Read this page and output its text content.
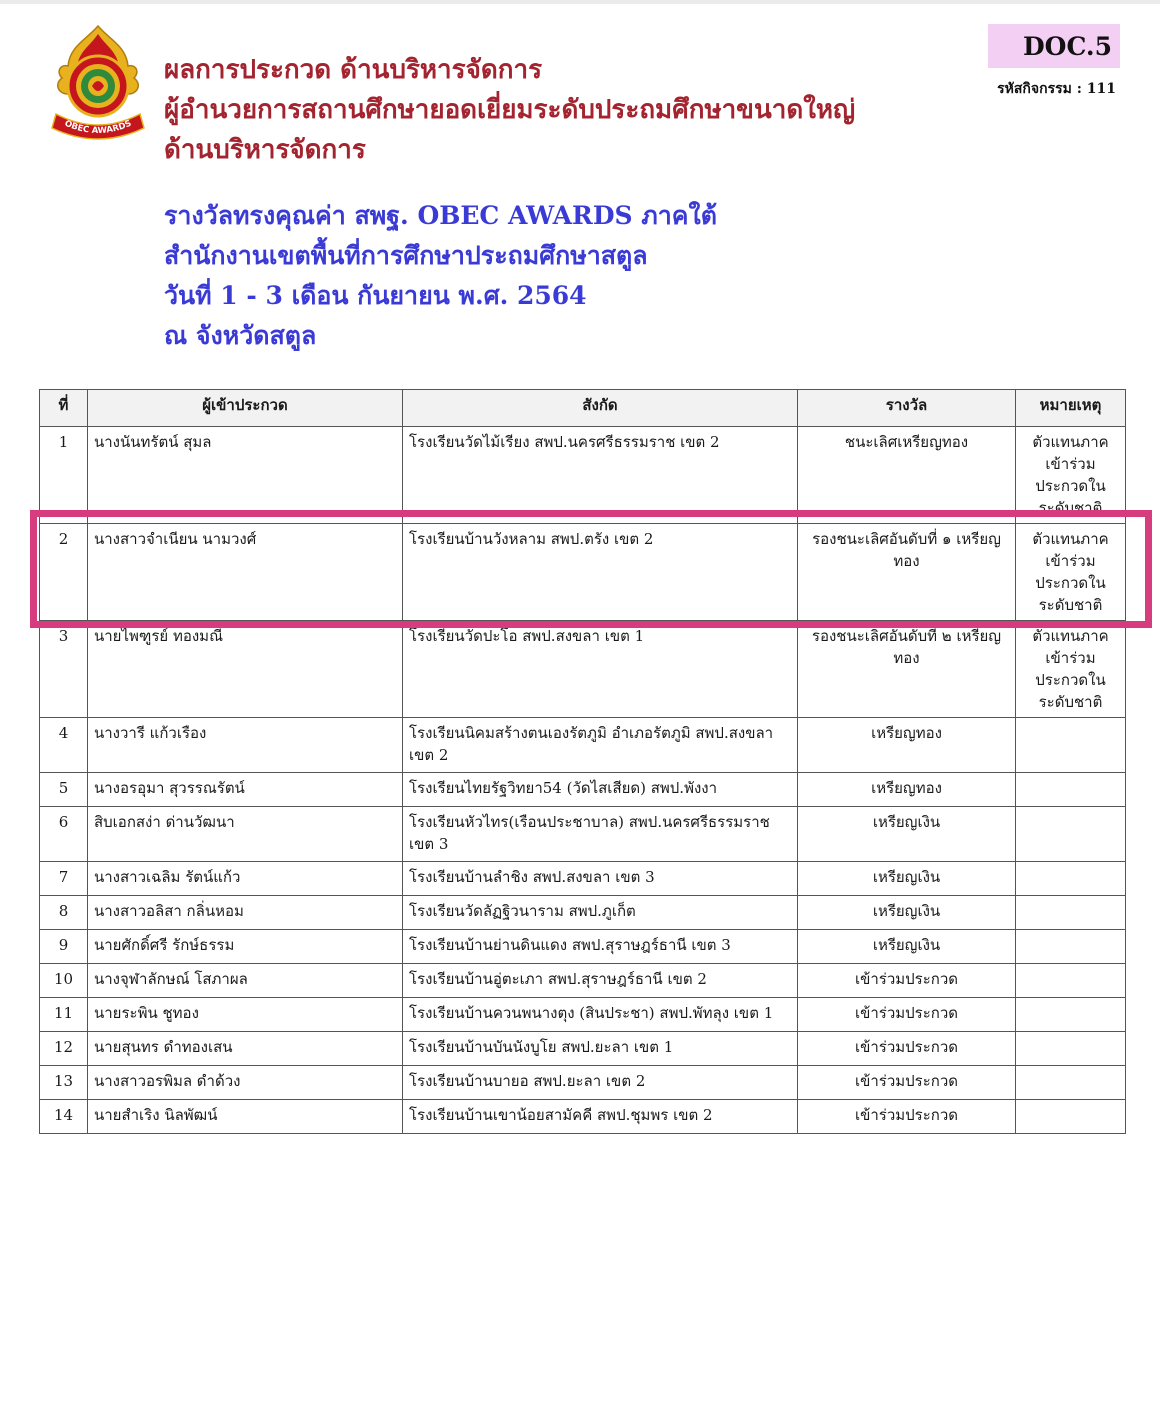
OBEC AWARDS
ผลการประกวด ด้านบริหารจัดการ
ผู้อำนวยการสถานศึกษายอดเยี่ยมระดับประถมศึกษาขนาดใหญ่
ด้านบริหารจัดการ
DOC.5
รหัสกิจกรรม : 111
รางวัลทรงคุณค่า สพฐ. OBEC AWARDS ภาคใต้
สำนักงานเขตพื้นที่การศึกษาประถมศึกษาสตูล
วันที่ 1 - 3 เดือน กันยายน พ.ศ. 2564
ณ จังหวัดสตูล
ที่	ผู้เข้าประกวด	สังกัด	รางวัล	หมายเหตุ
1	นางนันทรัตน์ สุมล	โรงเรียนวัดไม้เรียง สพป.นครศรีธรรมราช เขต 2	ชนะเลิศเหรียญทอง	ตัวแทนภาคเข้าร่วมประกวดในระดับชาติ
2	นางสาวจำเนียน นามวงศ์	โรงเรียนบ้านวังหลาม สพป.ตรัง เขต 2	รองชนะเลิศอันดับที่ ๑ เหรียญทอง	ตัวแทนภาคเข้าร่วมประกวดในระดับชาติ
3	นายไพฑูรย์ ทองมณี	โรงเรียนวัดปะโอ สพป.สงขลา เขต 1	รองชนะเลิศอันดับที่ ๒ เหรียญทอง	ตัวแทนภาคเข้าร่วมประกวดในระดับชาติ
4	นางวารี แก้วเรือง	โรงเรียนนิคมสร้างตนเองรัตภูมิ อำเภอรัตภูมิ สพป.สงขลา เขต 2	เหรียญทอง	
5	นางอรอุมา สุวรรณรัตน์	โรงเรียนไทยรัฐวิทยา54 (วัดไสเสียด) สพป.พังงา	เหรียญทอง	
6	สิบเอกสง่า ด่านวัฒนา	โรงเรียนหัวไทร(เรือนประชาบาล) สพป.นครศรีธรรมราช เขต 3	เหรียญเงิน	
7	นางสาวเฉลิม รัตน์แก้ว	โรงเรียนบ้านลำชิง สพป.สงขลา เขต 3	เหรียญเงิน	
8	นางสาวอลิสา กลิ่นหอม	โรงเรียนวัดลัฏฐิวนาราม สพป.ภูเก็ต	เหรียญเงิน	
9	นายศักดิ์ศรี รักษ์ธรรม	โรงเรียนบ้านย่านดินแดง สพป.สุราษฎร์ธานี เขต 3	เหรียญเงิน	
10	นางจุฬาลักษณ์ โสภาผล	โรงเรียนบ้านอู่ตะเภา สพป.สุราษฎร์ธานี เขต 2	เข้าร่วมประกวด	
11	นายระพิน ชูทอง	โรงเรียนบ้านควนพนางตุง (สินประชา) สพป.พัทลุง เขต 1	เข้าร่วมประกวด	
12	นายสุนทร ดำทองเสน	โรงเรียนบ้านบันนังบูโย สพป.ยะลา เขต 1	เข้าร่วมประกวด	
13	นางสาวอรพิมล ดำด้วง	โรงเรียนบ้านบายอ สพป.ยะลา เขต 2	เข้าร่วมประกวด	
14	นายสำเริง นิลพัฒน์	โรงเรียนบ้านเขาน้อยสามัคคี สพป.ชุมพร เขต 2	เข้าร่วมประกวด	
